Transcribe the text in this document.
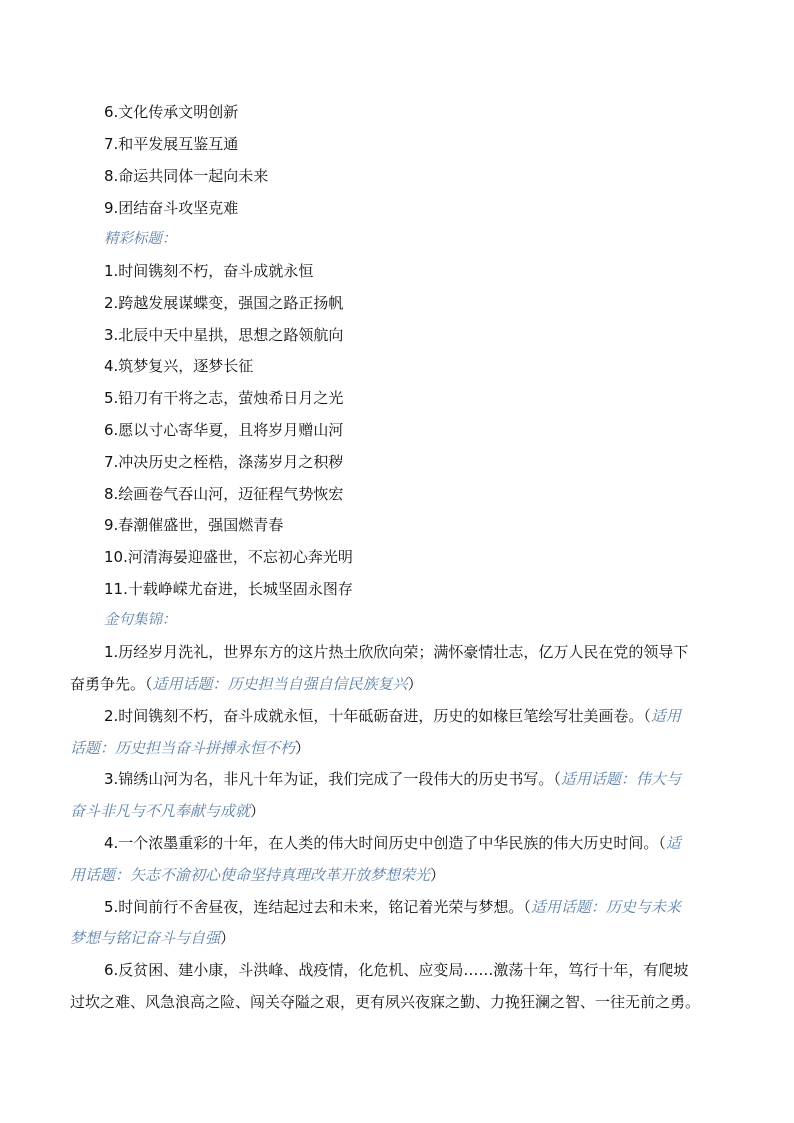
6.文化传承文明创新
7.和平发展互鉴互通
8.命运共同体一起向未来
9.团结奋斗攻坚克难
精彩标题：
1.时间镌刻不朽，奋斗成就永恒
2.跨越发展谋蝶变，强国之路正扬帆
3.北辰中天中星拱，思想之路领航向
4.筑梦复兴，逐梦长征
5.铅刀有干将之志，萤烛希日月之光
6.愿以寸心寄华夏，且将岁月赠山河
7.冲决历史之桎梏，涤荡岁月之积秽
8.绘画卷气吞山河，迈征程气势恢宏
9.春潮催盛世，强国燃青春
10.河清海晏迎盛世，不忘初心奔光明
11.十载峥嵘尤奋进，长城坚固永图存
金句集锦：
1.历经岁月洗礼，世界东方的这片热土欣欣向荣；满怀豪情壮志，亿万人民在党的领导下
奋勇争先。（适用话题：历史担当自强自信民族复兴）
2.时间镌刻不朽，奋斗成就永恒，十年砥砺奋进，历史的如椽巨笔绘写壮美画卷。（适用
话题：历史担当奋斗拼搏永恒不朽）
3.锦绣山河为名，非凡十年为证，我们完成了一段伟大的历史书写。（适用话题：伟大与
奋斗非凡与不凡奉献与成就）
4.一个浓墨重彩的十年，在人类的伟大时间历史中创造了中华民族的伟大历史时间。（适
用话题：矢志不渝初心使命坚持真理改革开放梦想荣光）
5.时间前行不舍昼夜，连结起过去和未来，铭记着光荣与梦想。（适用话题：历史与未来
梦想与铭记奋斗与自强）
6.反贫困、建小康，斗洪峰、战疫情，化危机、应变局……激荡十年，笃行十年，有爬坡
过坎之难、风急浪高之险、闯关夺隘之艰，更有夙兴夜寐之勤、力挽狂澜之智、一往无前之勇。
